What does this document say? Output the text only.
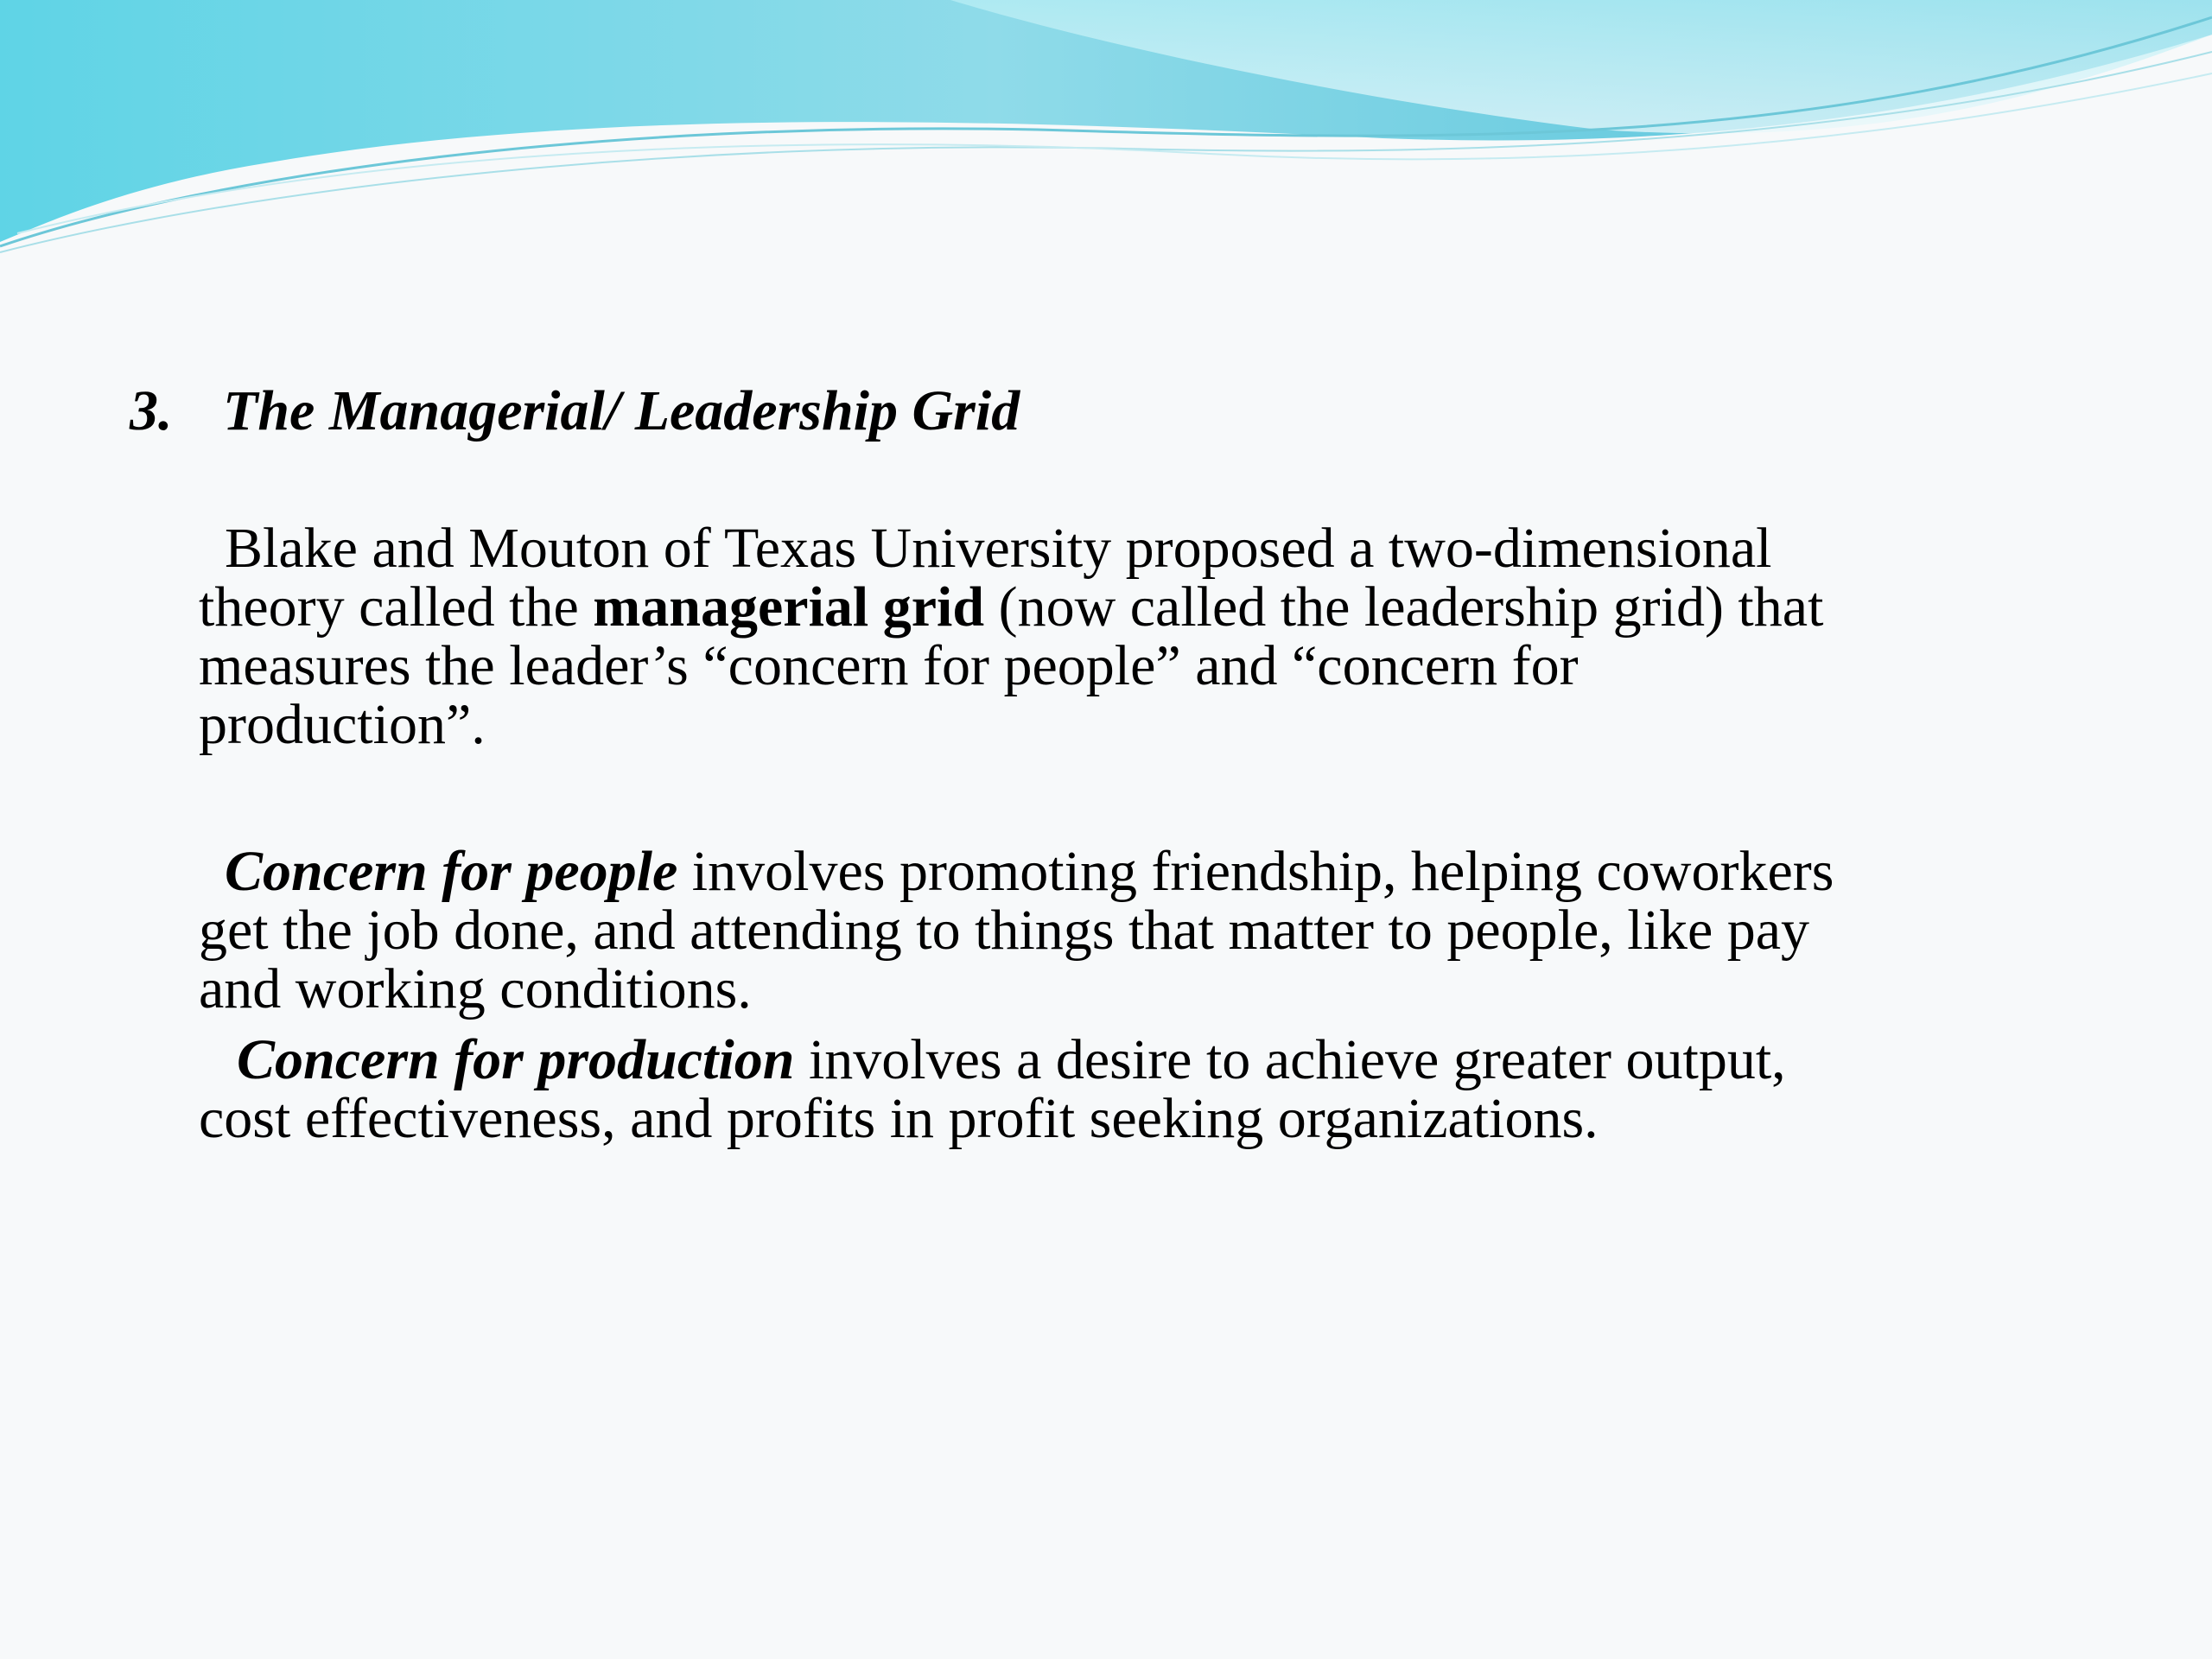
3. The Managerial/ Leadership Grid

Blake and Mouton of Texas University proposed a two-dimensional theory called the managerial grid (now called the leadership grid) that measures the leader’s “concern for people” and “concern for production”.

Concern for people involves promoting friendship, helping coworkers get the job done, and attending to things that matter to people, like pay and working conditions.

Concern for production involves a desire to achieve greater output, cost effectiveness, and profits in profit seeking organizations.
